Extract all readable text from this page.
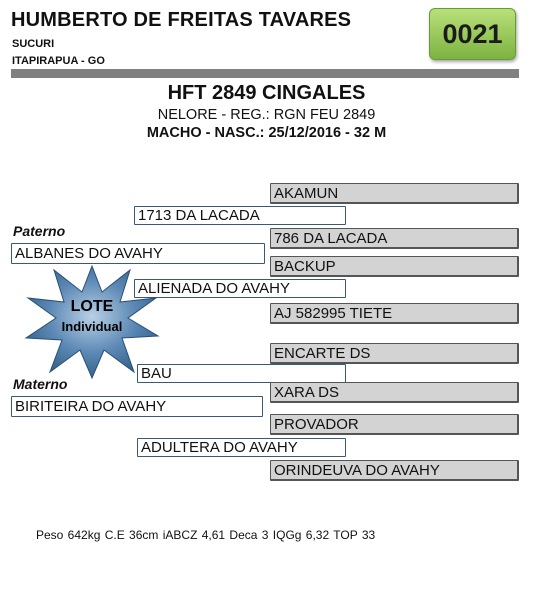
HUMBERTO DE FREITAS TAVARES
SUCURI
ITAPIRAPUA - GO
0021
HFT 2849 CINGALES
NELORE - REG.: RGN FEU 2849
MACHO - NASC.: 25/12/2016 - 32 M
Paterno
Materno
ALBANES DO AVAHY
BIRITEIRA DO AVAHY
1713 DA LACADA
ALIENADA DO AVAHY
BAU
ADULTERA DO AVAHY
AKAMUN
786 DA LACADA
BACKUP
AJ 582995 TIETE
ENCARTE DS
XARA DS
PROVADOR
ORINDEUVA DO AVAHY
LOTE
Individual
Peso 642kg C.E 36cm iABCZ 4,61 Deca 3 IQGg 6,32 TOP 33
